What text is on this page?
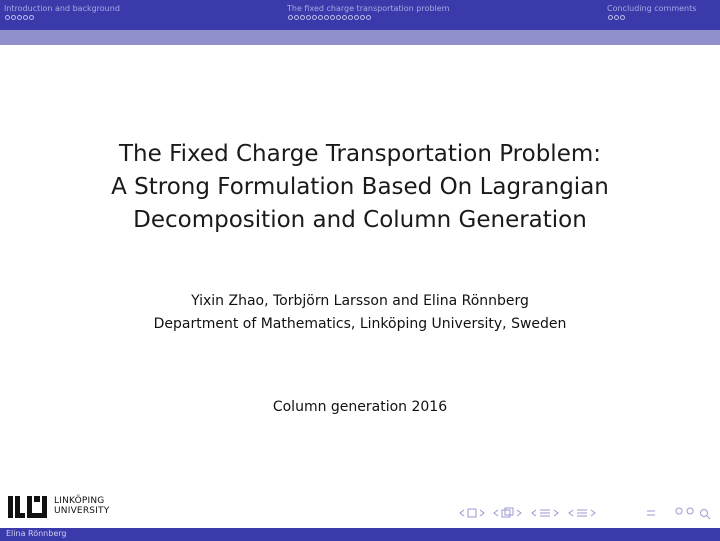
Introduction and background	The fixed charge transportation problem	Concluding comments
The Fixed Charge Transportation Problem:
A Strong Formulation Based On Lagrangian
Decomposition and Column Generation
Yixin Zhao, Torbjörn Larsson and Elina Rönnberg
Department of Mathematics, Linköping University, Sweden
Column generation 2016
LINKÖPING
UNIVERSITY
Elina Rönnberg
